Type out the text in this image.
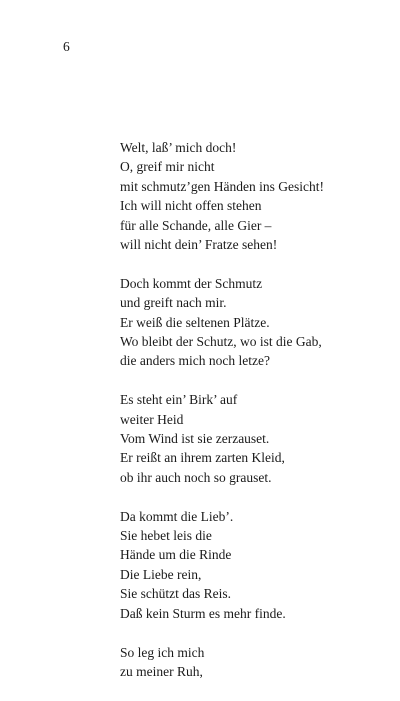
6
Welt, laß’ mich doch!
O, greif mir nicht
mit schmutz’gen Händen ins Gesicht!
Ich will nicht offen stehen
für alle Schande, alle Gier –
will nicht dein’ Fratze sehen!
Doch kommt der Schmutz
und greift nach mir.
Er weiß die seltenen Plätze.
Wo bleibt der Schutz, wo ist die Gab,
die anders mich noch letze?
Es steht ein’ Birk’ auf
weiter Heid
Vom Wind ist sie zerzauset.
Er reißt an ihrem zarten Kleid,
ob ihr auch noch so grauset.
Da kommt die Lieb’.
Sie hebet leis die
Hände um die Rinde
Die Liebe rein,
Sie schützt das Reis.
Daß kein Sturm es mehr finde.
So leg ich mich
zu meiner Ruh,
